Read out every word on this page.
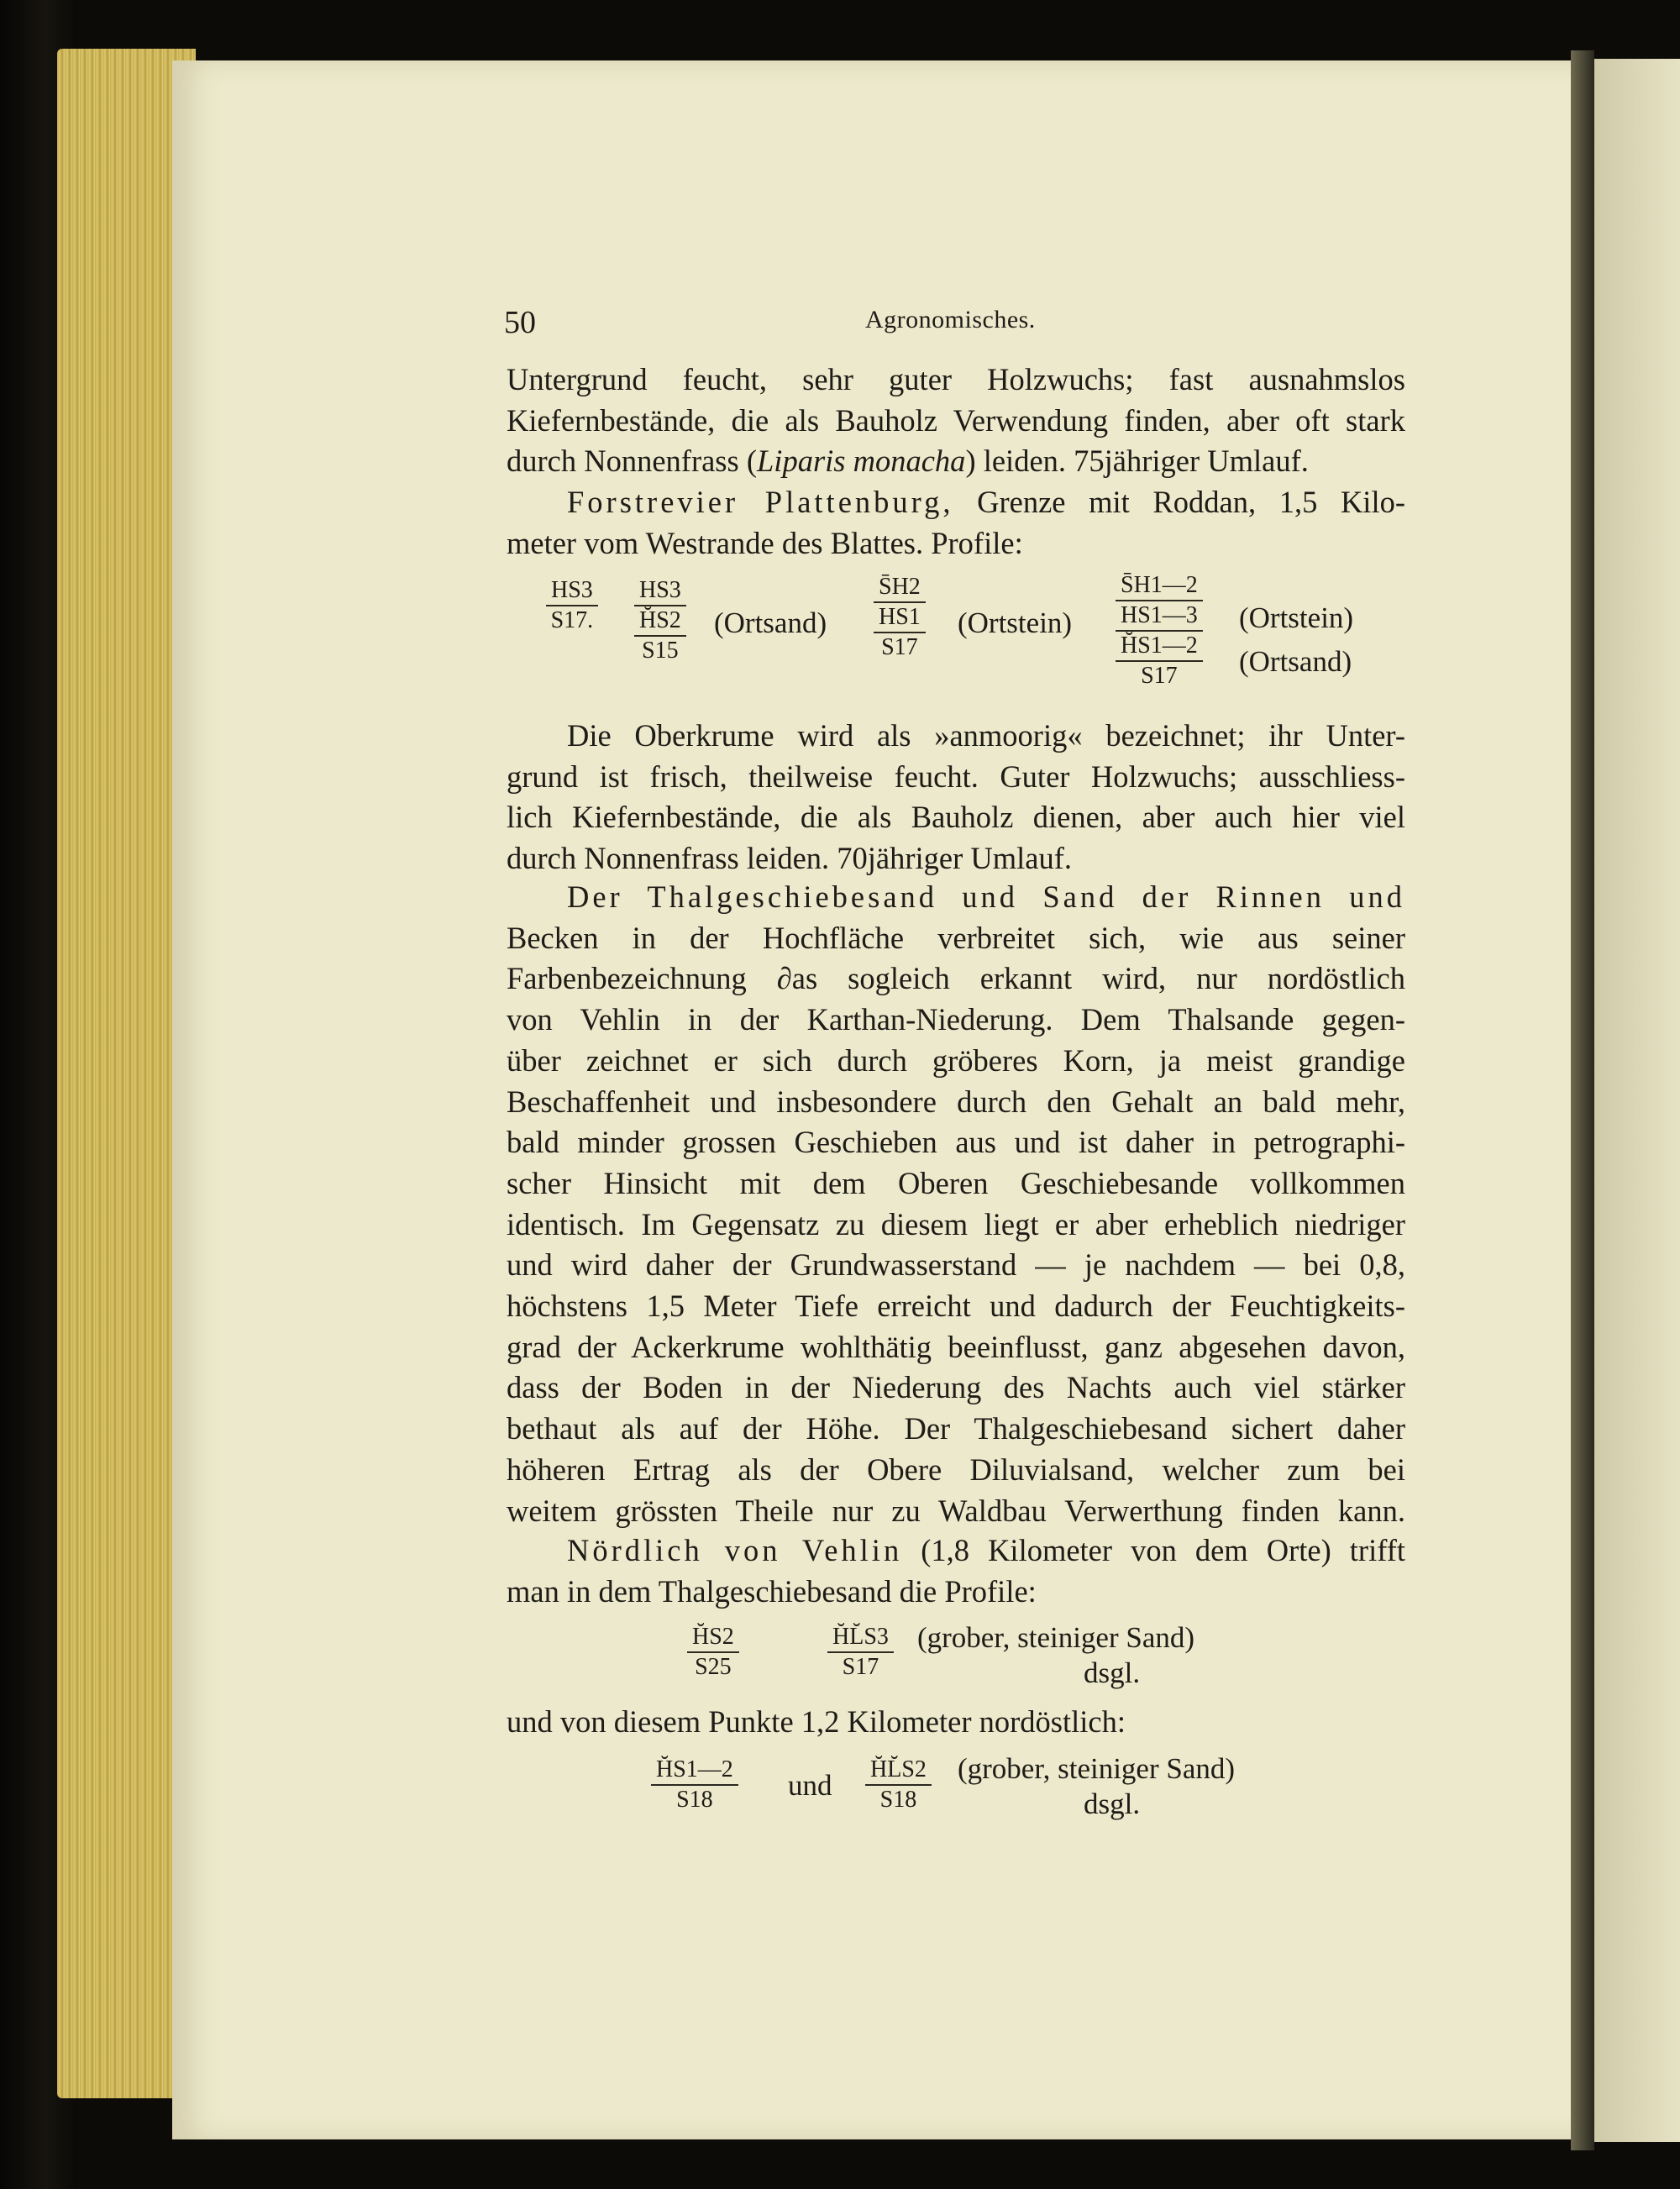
50	Agronomisches.
Untergrund feucht, sehr guter Holzwuchs; fast ausnahmslos
Kiefernbestände, die als Bauholz Verwendung finden, aber oft stark
durch Nonnenfrass (Liparis monacha) leiden. 75jähriger Umlauf.
Forstrevier Plattenburg, Grenze mit Roddan, 1,5 Kilo-
meter vom Westrande des Blattes. Profile:
$\frac{HS3}{S17.} HS3$
H̆S2
S15
(Ortsand)
S̄H2
HS1
S17
(Ortstein)
S̄H1—2
HS1—3
H̆S1—2
S17
(Ortstein)
(Ortsand)
Die Oberkrume wird als »anmoorig« bezeichnet; ihr Unter-
grund ist frisch, theilweise feucht. Guter Holzwuchs; ausschliess-
lich Kiefernbestände, die als Bauholz dienen, aber auch hier viel
durch Nonnenfrass leiden. 70jähriger Umlauf.
Der Thalgeschiebesand und Sand der Rinnen und
Becken in der Hochfläche verbreitet sich, wie aus seiner
Farbenbezeichnung ∂as sogleich erkannt wird, nur nordöstlich
von Vehlin in der Karthan-Niederung. Dem Thalsande gegen-
über zeichnet er sich durch gröberes Korn, ja meist grandige
Beschaffenheit und insbesondere durch den Gehalt an bald mehr,
bald minder grossen Geschieben aus und ist daher in petrographi-
scher Hinsicht mit dem Oberen Geschiebesande vollkommen
identisch. Im Gegensatz zu diesem liegt er aber erheblich niedriger
und wird daher der Grundwasserstand — je nachdem — bei 0,8,
höchstens 1,5 Meter Tiefe erreicht und dadurch der Feuchtigkeits-
grad der Ackerkrume wohlthätig beeinflusst, ganz abgesehen davon,
dass der Boden in der Niederung des Nachts auch viel stärker
bethaut als auf der Höhe. Der Thalgeschiebesand sichert daher
höheren Ertrag als der Obere Diluvialsand, welcher zum bei
weitem grössten Theile nur zu Waldbau Verwerthung finden kann.
Nördlich von Vehlin (1,8 Kilometer von dem Orte) trifft
man in dem Thalgeschiebesand die Profile:
$\frac{H̆S2}{S25}$	$\frac{H̆L̆S3}{S17}$ (grober, steiniger Sand)
dsgl.
und von diesem Punkte 1,2 Kilometer nordöstlich:
$\frac{H̆S1—2}{S18}$ und $\frac{H̆L̆S2}{S18}$ (grober, steiniger Sand)
dsgl.
